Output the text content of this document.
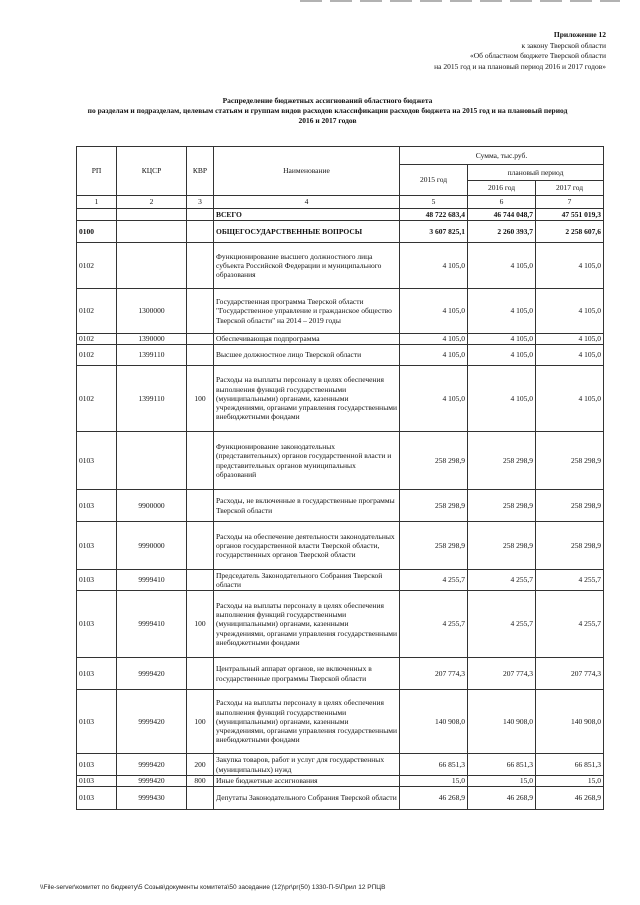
Приложение 12
к закону Тверской области
«Об областном бюджете Тверской области
на 2015 год и на плановый период 2016 и 2017 годов»
Распределение бюджетных ассигнований областного бюджета
по разделам и подразделам, целевым статьям и группам видов расходов классификации расходов бюджета на 2015 год и на плановый период
2016 и 2017 годов
РП	КЦСР	КВР	Наименование	Сумма, тыс.руб.		
				2015 год	плановый период	
					2016 год	2017 год
1	2	3	4	5	6	7
			ВСЕГО	48 722 683,4	46 744 048,7	47 551 019,3
0100			ОБЩЕГОСУДАРСТВЕННЫЕ ВОПРОСЫ	3 607 825,1	2 260 393,7	2 258 607,6
0102			Функционирование высшего должностного лица субъекта Российской Федерации и муниципального образования	4 105,0	4 105,0	4 105,0
0102	1300000		Государственная программа Тверской области "Государственное управление и гражданское общество Тверской области" на 2014 – 2019 годы	4 105,0	4 105,0	4 105,0
0102	1390000		Обеспечивающая подпрограмма	4 105,0	4 105,0	4 105,0
0102	1399110		Высшее должностное лицо Тверской области	4 105,0	4 105,0	4 105,0
0102	1399110	100	Расходы на выплаты персоналу в целях обеспечения выполнения функций государственными (муниципальными) органами, казенными учреждениями, органами управления государственными внебюджетными фондами	4 105,0	4 105,0	4 105,0
0103			Функционирование законодательных (представительных) органов государственной власти и представительных органов муниципальных образований	258 298,9	258 298,9	258 298,9
0103	9900000		Расходы, не включенные в государственные программы Тверской области	258 298,9	258 298,9	258 298,9
0103	9990000		Расходы на обеспечение деятельности законодательных органов государственной власти Тверской области, государственных органов Тверской области	258 298,9	258 298,9	258 298,9
0103	9999410		Председатель Законодательного Собрания Тверской области	4 255,7	4 255,7	4 255,7
0103	9999410	100	Расходы на выплаты персоналу в целях обеспечения выполнения функций государственными (муниципальными) органами, казенными учреждениями, органами управления государственными внебюджетными фондами	4 255,7	4 255,7	4 255,7
0103	9999420		Центральный аппарат органов, не включенных в государственные программы Тверской области	207 774,3	207 774,3	207 774,3
0103	9999420	100	Расходы на выплаты персоналу в целях обеспечения выполнения функций государственными (муниципальными) органами, казенными учреждениями, органами управления государственными внебюджетными фондами	140 908,0	140 908,0	140 908,0
0103	9999420	200	Закупка товаров, работ и услуг для государственных (муниципальных) нужд	66 851,3	66 851,3	66 851,3
0103	9999420	800	Иные бюджетные ассигнования	15,0	15,0	15,0
0103	9999430		Депутаты Законодательного Собрания Тверской области	46 268,9	46 268,9	46 268,9
\\File-server\комитет по бюджету\5 Созыв\документы комитета\50 заседание (12)\pr\pr(50) 1330-П-5\Прил 12 РПЦВ
